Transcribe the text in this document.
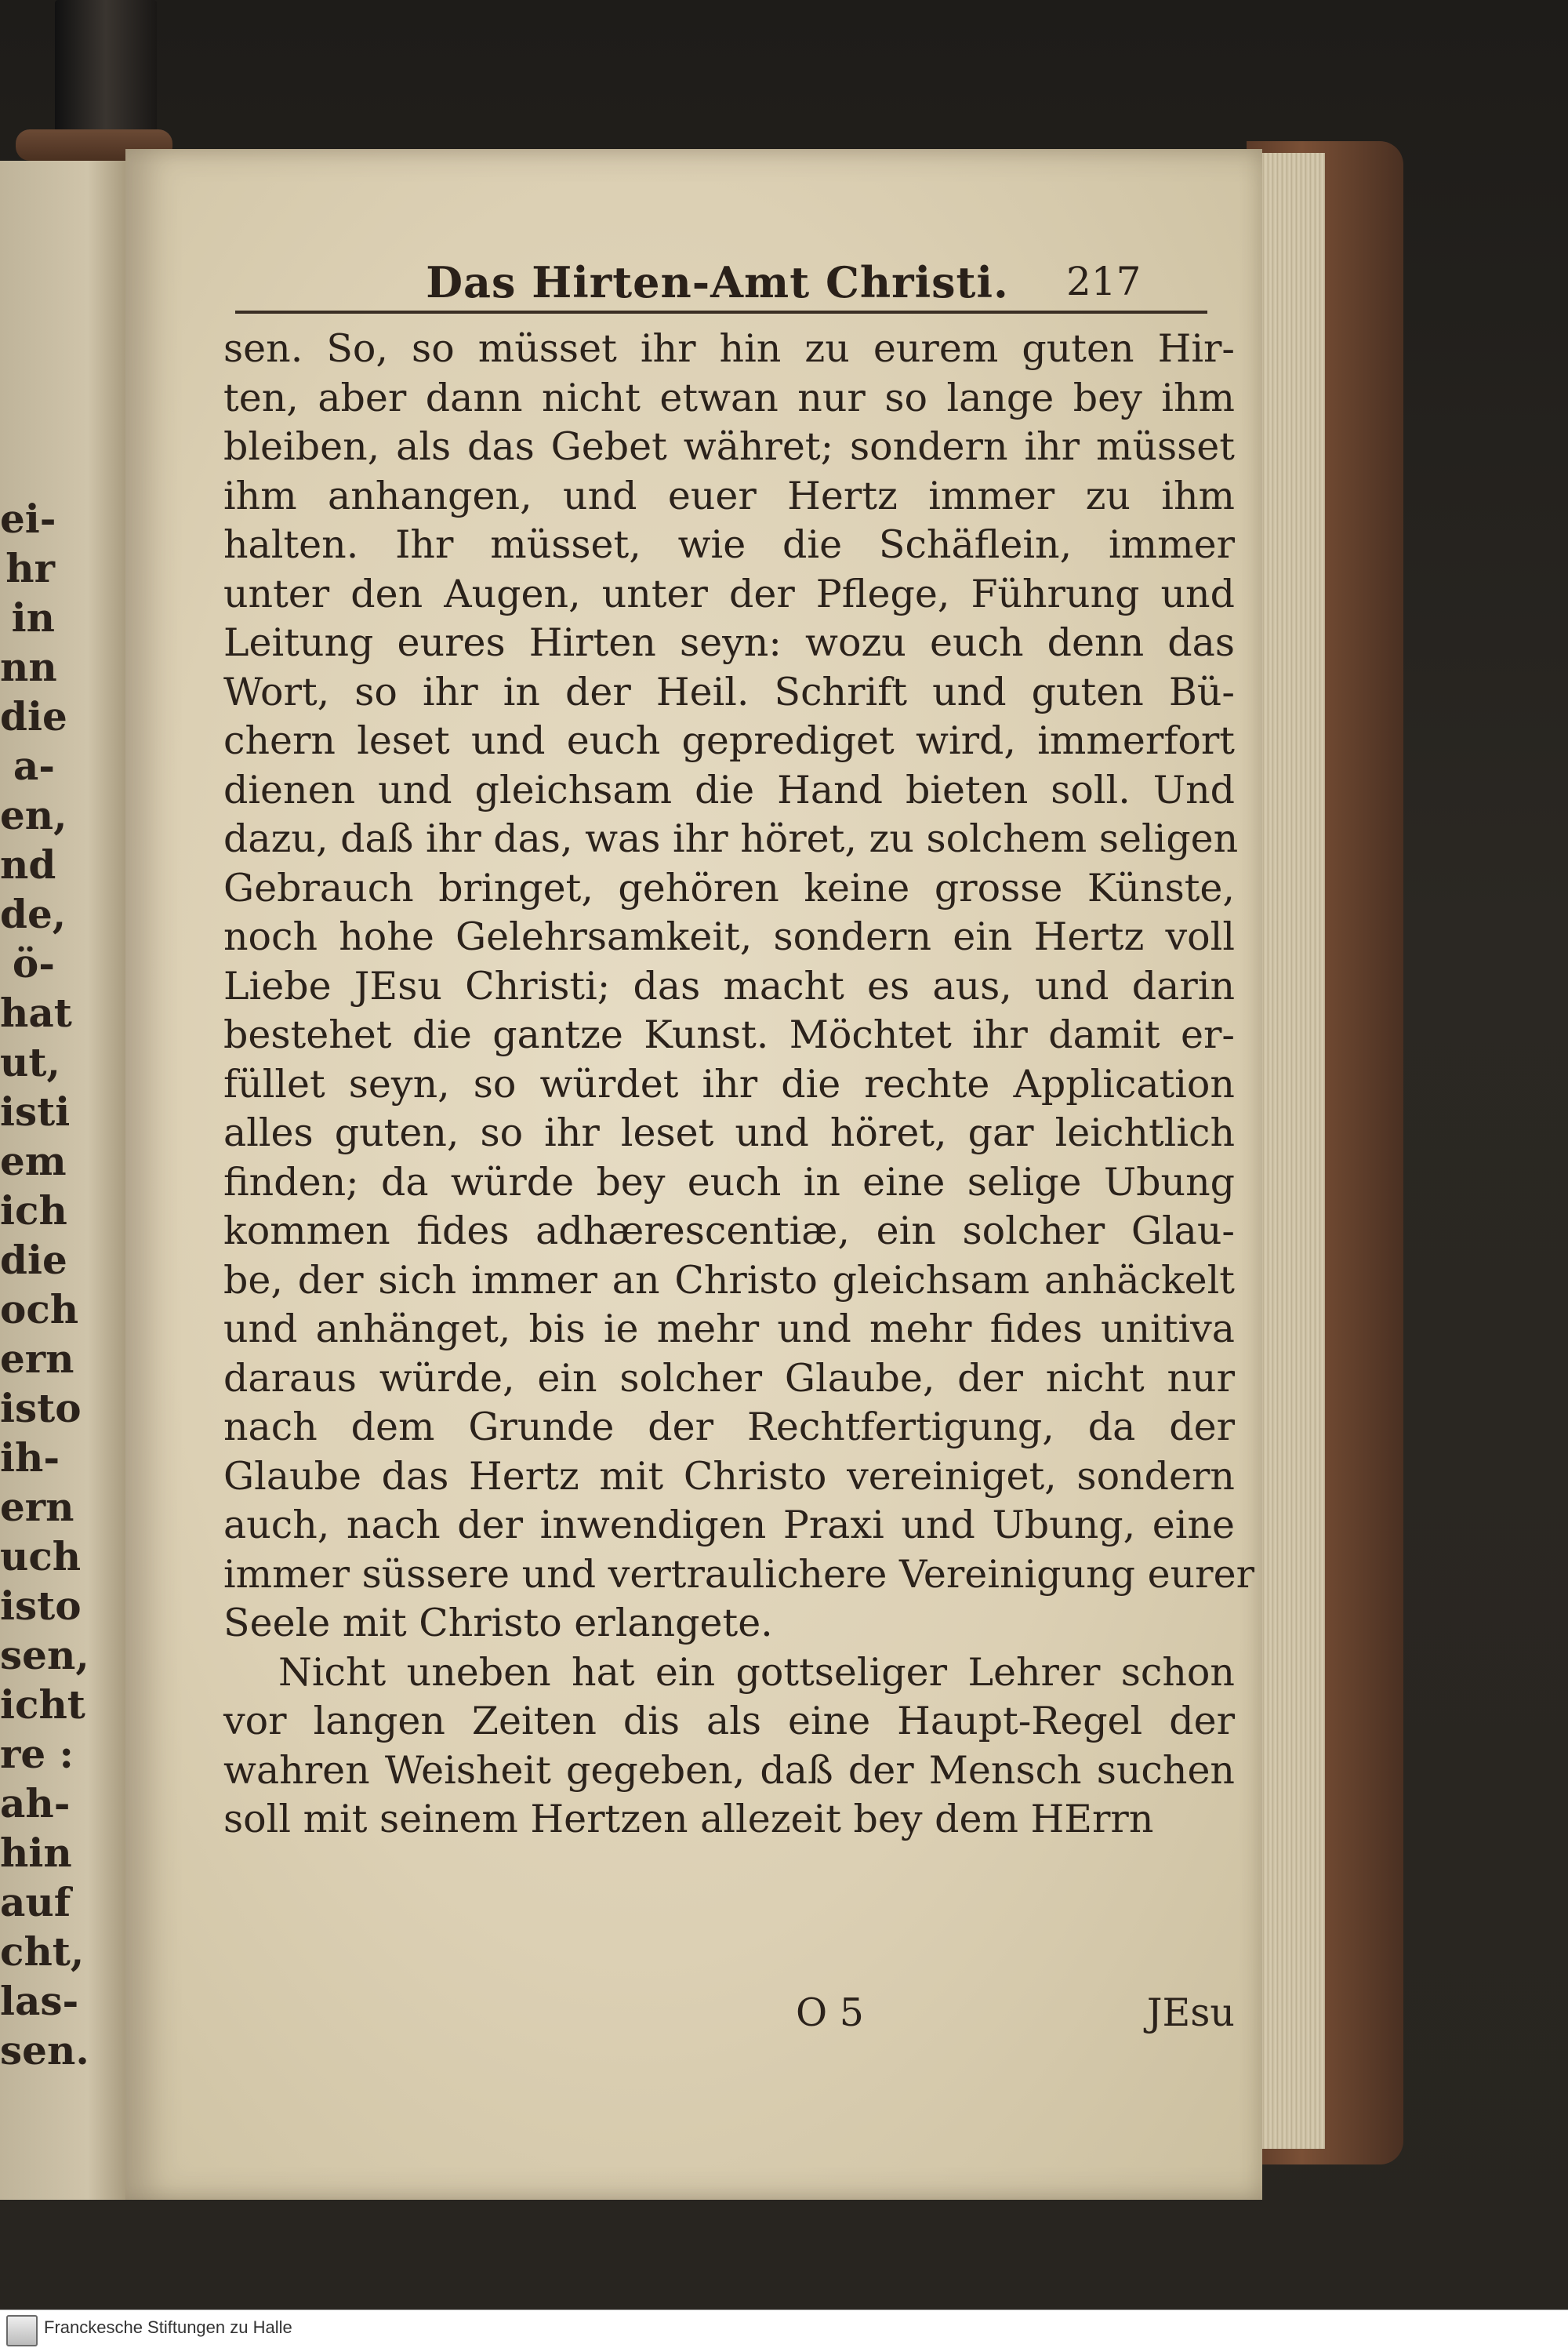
ei-
hr
in
nn
die
a-
en,
nd
de,
ö-
hat
ut,
isti
em
ich
die
och
ern
isto
ih-
ern
uch
isto
sen,
icht
re :
ah-
hin
auf
cht,
las-
sen.
Das Hirten-Amt Christi.	217
sen. So, so müsset ihr hin zu eurem guten Hir-
ten, aber dann nicht etwan nur so lange bey ihm
bleiben, als das Gebet währet; sondern ihr müsset
ihm anhangen, und euer Hertz immer zu ihm
halten. Ihr müsset, wie die Schäflein, immer
unter den Augen, unter der Pflege, Führung und
Leitung eures Hirten seyn: wozu euch denn das
Wort, so ihr in der Heil. Schrift und guten Bü-
chern leset und euch geprediget wird, immerfort
dienen und gleichsam die Hand bieten soll. Und
dazu, daß ihr das, was ihr höret, zu solchem seligen
Gebrauch bringet, gehören keine grosse Künste,
noch hohe Gelehrsamkeit, sondern ein Hertz voll
Liebe JEsu Christi; das macht es aus, und darin
bestehet die gantze Kunst. Möchtet ihr damit er-
füllet seyn, so würdet ihr die rechte Application
alles guten, so ihr leset und höret, gar leichtlich
finden; da würde bey euch in eine selige Ubung
kommen fides adhærescentiæ, ein solcher Glau-
be, der sich immer an Christo gleichsam anhäckelt
und anhänget, bis ie mehr und mehr fides unitiva
daraus würde, ein solcher Glaube, der nicht nur
nach dem Grunde der Rechtfertigung, da der
Glaube das Hertz mit Christo vereiniget, sondern
auch, nach der inwendigen Praxi und Ubung, eine
immer süssere und vertraulichere Vereinigung eurer
Seele mit Christo erlangete.
Nicht uneben hat ein gottseliger Lehrer schon
vor langen Zeiten dis als eine Haupt-Regel der
wahren Weisheit gegeben, daß der Mensch suchen
soll mit seinem Hertzen allezeit bey dem HErrn
O 5	JEsu
Franckesche Stiftungen zu Halle
